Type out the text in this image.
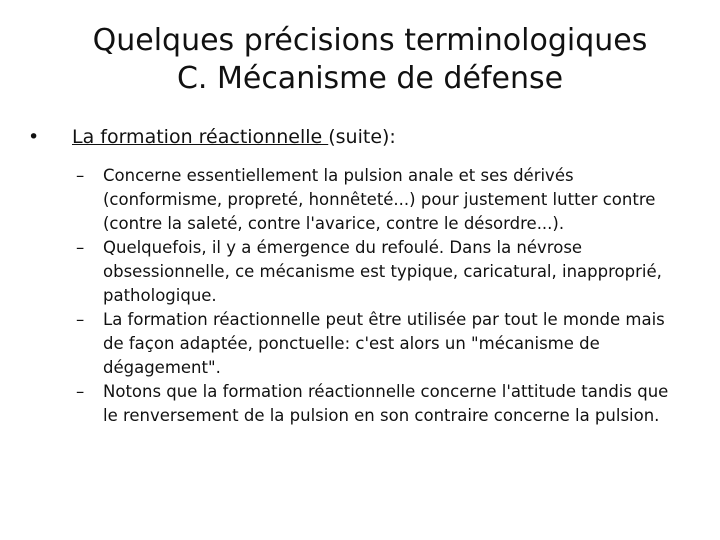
Quelques précisions terminologiques
C. Mécanisme de défense
•	La formation réactionnelle (suite):
–	Concerne essentiellement la pulsion anale et ses dérivés (conformisme, propreté, honnêteté...) pour justement lutter contre (contre la saleté, contre l'avarice, contre le désordre...).
–	Quelquefois, il y a émergence du refoulé. Dans la névrose obsessionnelle, ce mécanisme est typique, caricatural, inapproprié, pathologique.
–	La formation réactionnelle peut être utilisée par tout le monde mais de façon adaptée, ponctuelle: c'est alors un "mécanisme de dégagement".
–	Notons que la formation réactionnelle concerne l'attitude tandis que le renversement de la pulsion en son contraire concerne la pulsion.
